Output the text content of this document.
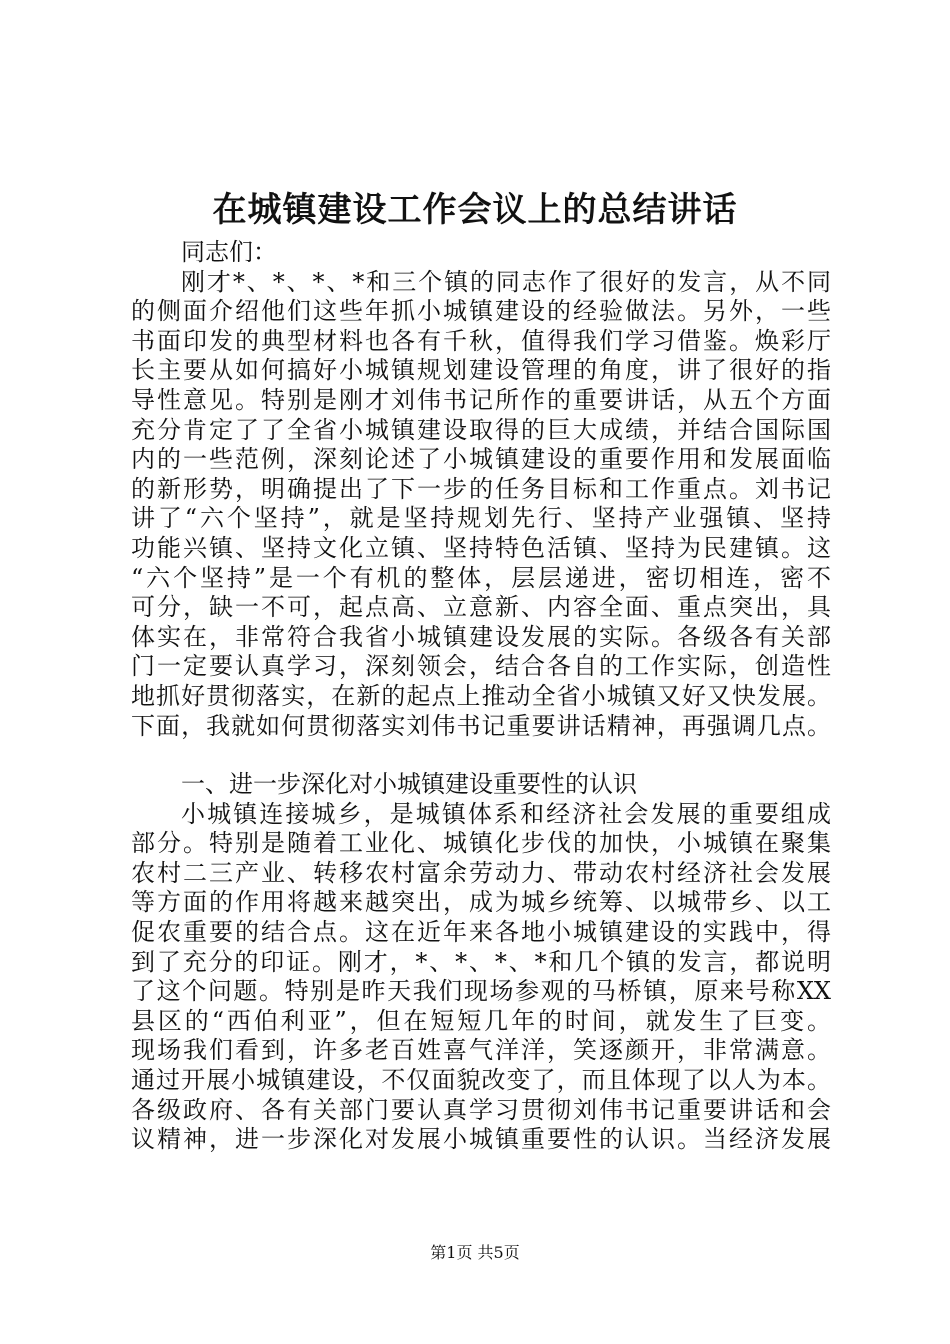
在城镇建设工作会议上的总结讲话
同志们：
刚才*、*、*、*和三个镇的同志作了很好的发言，从不同
的侧面介绍他们这些年抓小城镇建设的经验做法。另外，一些
书面印发的典型材料也各有千秋，值得我们学习借鉴。焕彩厅
长主要从如何搞好小城镇规划建设管理的角度，讲了很好的指
导性意见。特别是刚才刘伟书记所作的重要讲话，从五个方面
充分肯定了了全省小城镇建设取得的巨大成绩，并结合国际国
内的一些范例，深刻论述了小城镇建设的重要作用和发展面临
的新形势，明确提出了下一步的任务目标和工作重点。刘书记
讲了“六个坚持”，就是坚持规划先行、坚持产业强镇、坚持
功能兴镇、坚持文化立镇、坚持特色活镇、坚持为民建镇。这
“六个坚持”是一个有机的整体，层层递进，密切相连，密不
可分，缺一不可，起点高、立意新、内容全面、重点突出，具
体实在，非常符合我省小城镇建设发展的实际。各级各有关部
门一定要认真学习，深刻领会，结合各自的工作实际，创造性
地抓好贯彻落实，在新的起点上推动全省小城镇又好又快发展。
下面，我就如何贯彻落实刘伟书记重要讲话精神，再强调几点。
一、进一步深化对小城镇建设重要性的认识
小城镇连接城乡，是城镇体系和经济社会发展的重要组成
部分。特别是随着工业化、城镇化步伐的加快，小城镇在聚集
农村二三产业、转移农村富余劳动力、带动农村经济社会发展
等方面的作用将越来越突出，成为城乡统筹、以城带乡、以工
促农重要的结合点。这在近年来各地小城镇建设的实践中，得
到了充分的印证。刚才，*、*、*、*和几个镇的发言，都说明
了这个问题。特别是昨天我们现场参观的马桥镇，原来号称XX
县区的“西伯利亚”，但在短短几年的时间，就发生了巨变。
现场我们看到，许多老百姓喜气洋洋，笑逐颜开，非常满意。
通过开展小城镇建设，不仅面貌改变了，而且体现了以人为本。
各级政府、各有关部门要认真学习贯彻刘伟书记重要讲话和会
议精神，进一步深化对发展小城镇重要性的认识。当经济发展
第1页 共5页
